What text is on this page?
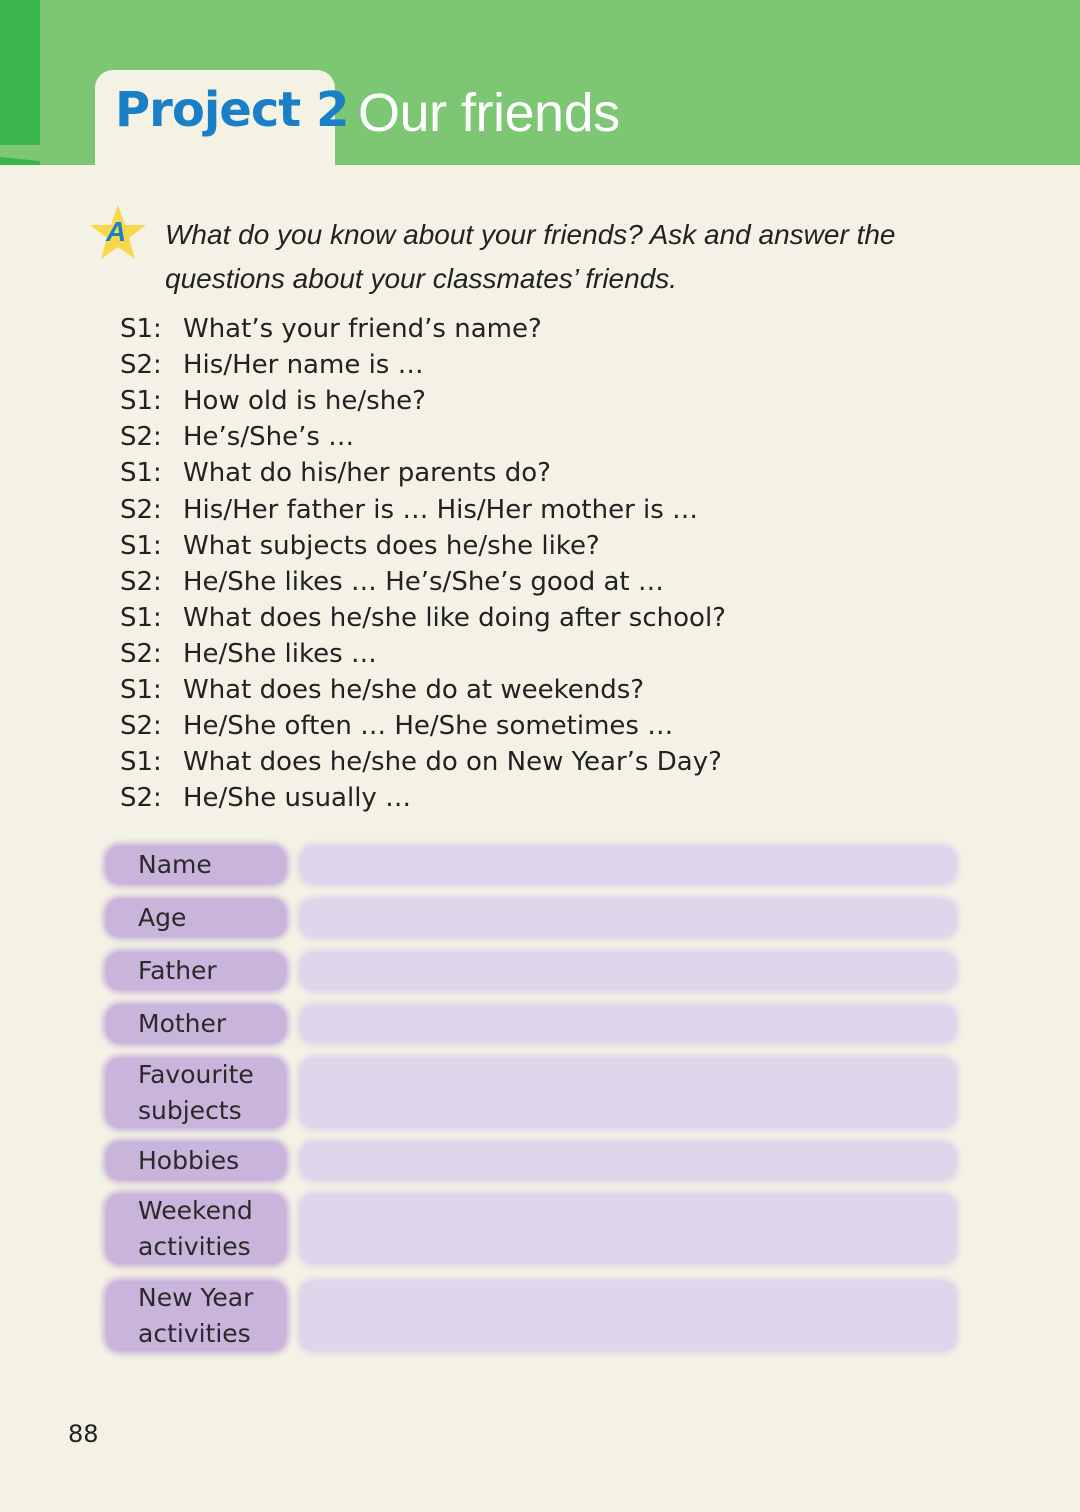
Project 2 Our friends
A What do you know about your friends? Ask and answer the questions about your classmates’ friends.
S1: What’s your friend’s name?
S2: His/Her name is …
S1: How old is he/she?
S2: He’s/She’s …
S1: What do his/her parents do?
S2: His/Her father is … His/Her mother is …
S1: What subjects does he/she like?
S2: He/She likes … He’s/She’s good at …
S1: What does he/she like doing after school?
S2: He/She likes …
S1: What does he/she do at weekends?
S2: He/She often … He/She sometimes …
S1: What does he/she do on New Year’s Day?
S2: He/She usually …
Name
Age
Father
Mother
Favourite subjects
Hobbies
Weekend activities
New Year activities
88
